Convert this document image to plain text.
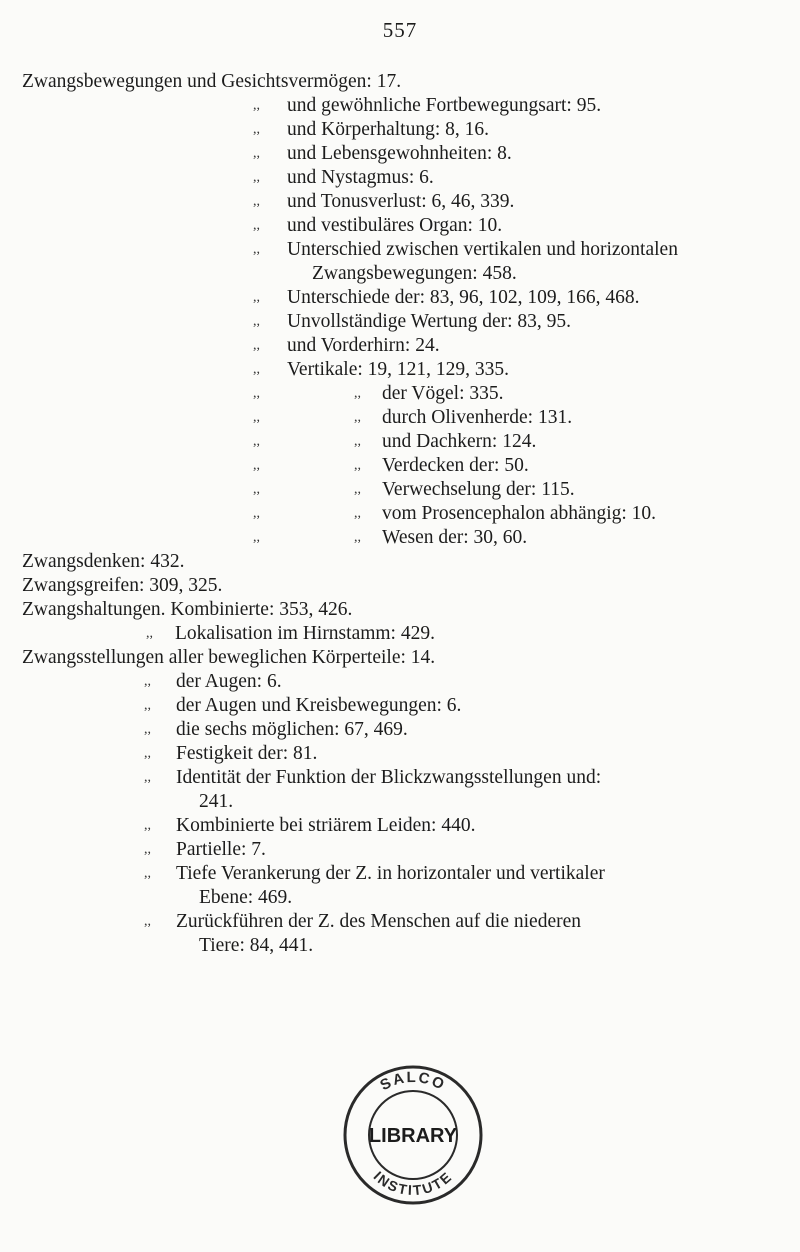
557
Zwangsbewegungen und Gesichtsvermögen: 17.
,, und gewöhnliche Fortbewegungsart: 95.
,, und Körperhaltung: 8, 16.
,, und Lebensgewohnheiten: 8.
,, und Nystagmus: 6.
,, und Tonusverlust: 6, 46, 339.
,, und vestibuläres Organ: 10.
,, Unterschied zwischen vertikalen und horizontalen
Zwangsbewegungen: 458.
,, Unterschiede der: 83, 96, 102, 109, 166, 468.
,, Unvollständige Wertung der: 83, 95.
,, und Vorderhirn: 24.
,, Vertikale: 19, 121, 129, 335.
,,	,, der Vögel: 335.
,,	,, durch Olivenherde: 131.
,,	,, und Dachkern: 124.
,,	,, Verdecken der: 50.
,,	,, Verwechselung der: 115.
,,	,, vom Prosencephalon abhängig: 10.
,,	,, Wesen der: 30, 60.
Zwangsdenken: 432.
Zwangsgreifen: 309, 325.
Zwangshaltungen. Kombinierte: 353, 426.
,, Lokalisation im Hirnstamm: 429.
Zwangsstellungen aller beweglichen Körperteile: 14.
,, der Augen: 6.
,, der Augen und Kreisbewegungen: 6.
,, die sechs möglichen: 67, 469.
,, Festigkeit der: 81.
,, Identität der Funktion der Blickzwangsstellungen und:
241.
,, Kombinierte bei striärem Leiden: 440.
,, Partielle: 7.
,, Tiefe Verankerung der Z. in horizontaler und vertikaler
Ebene: 469.
,, Zurückführen der Z. des Menschen auf die niederen
Tiere: 84, 441.
SALCO
INSTITUTE
LIBRARY
